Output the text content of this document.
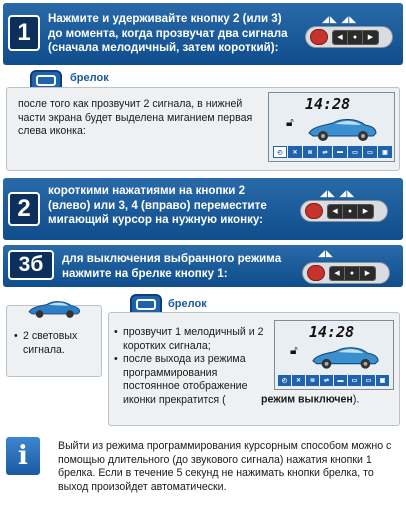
1
Нажмите и удерживайте кнопку 2 (или 3) до момента, когда прозвучат два сигнала (сначала мелодичный, затем короткий):
◢◣ ◢◣
◀	●	▶
брелок
после того как прозвучит 2 сигнала, в нижней части экрана будет выделена миганием первая слева иконка:
14:28
🔓︎
◴	✕	≋	⇌	▬	▭	▭	▣
2
короткими нажатиями на кнопки 2 (влево) или 3, 4 (вправо) переместите мигающий курсор на нужную иконку:
◢◣ ◢◣
◀	●	▶
3б	для выключения выбранного режима нажмите на брелке кнопку 1:
◢◣
◀	●	▶
• 2 световых сигнала.
брелок
• прозвучит 1 мелодичный и 2 коротких сигнала;
• после выхода из режима программирования постоянное отображение иконки прекратится (	режим выключен).
14:28
🔓︎
◴	✕	≋	⇌	▬	▭	▭	▣
i	Выйти из режима программирования курсорным способом можно с помощью длительного (до звукового сигнала) нажатия кнопки 1 брелка. Если в течение 5 секунд не нажимать кнопки брелка, то выход произойдет автоматически.
